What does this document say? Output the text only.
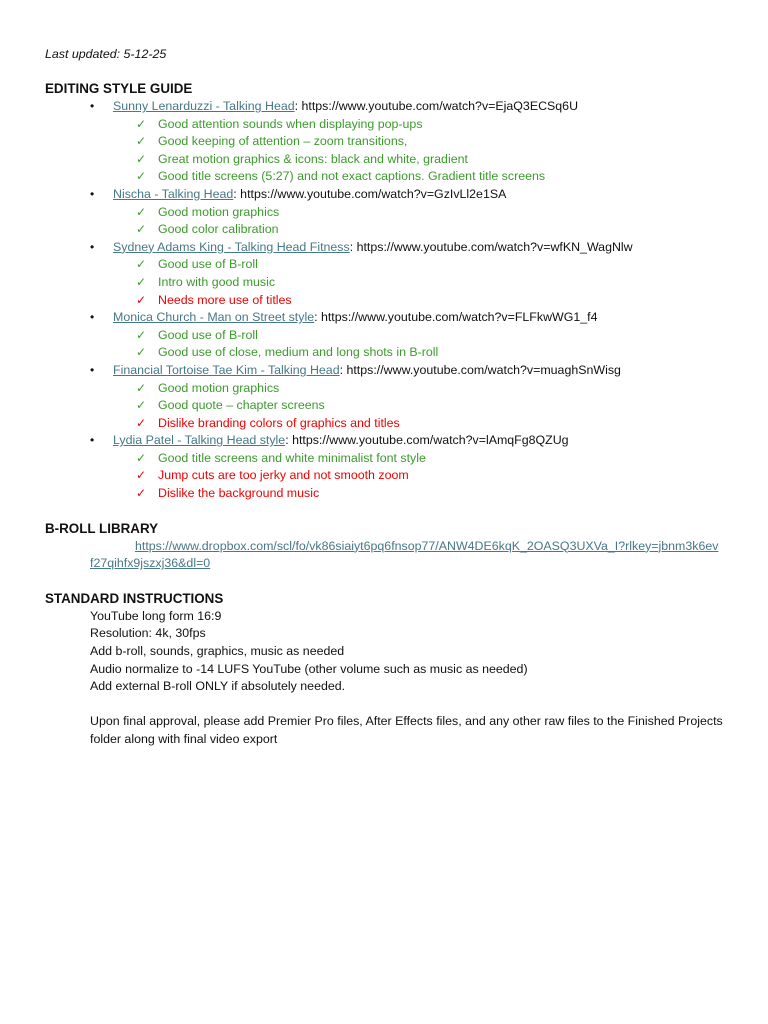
Last updated: 5-12-25
EDITING STYLE GUIDE
• Sunny Lenarduzzi - Talking Head: https://www.youtube.com/watch?v=EjaQ3ECSq6U
✓ Good attention sounds when displaying pop-ups
✓ Good keeping of attention – zoom transitions,
✓ Great motion graphics & icons: black and white, gradient
✓ Good title screens (5:27) and not exact captions. Gradient title screens
• Nischa - Talking Head: https://www.youtube.com/watch?v=GzIvLl2e1SA
✓ Good motion graphics
✓ Good color calibration
• Sydney Adams King - Talking Head Fitness: https://www.youtube.com/watch?v=wfKN_WagNlw
✓ Good use of B-roll
✓ Intro with good music
✓ Needs more use of titles
• Monica Church - Man on Street style: https://www.youtube.com/watch?v=FLFkwWG1_f4
✓ Good use of B-roll
✓ Good use of close, medium and long shots in B-roll
• Financial Tortoise Tae Kim - Talking Head: https://www.youtube.com/watch?v=muaghSnWisg
✓ Good motion graphics
✓ Good quote – chapter screens
✓ Dislike branding colors of graphics and titles
• Lydia Patel - Talking Head style: https://www.youtube.com/watch?v=lAmqFg8QZUg
✓ Good title screens and white minimalist font style
✓ Jump cuts are too jerky and not smooth zoom
✓ Dislike the background music
B-ROLL LIBRARY
https://www.dropbox.com/scl/fo/vk86siaiyt6pq6fnsop77/ANW4DE6kqK_2OASQ3UXVa_I?rlkey=jbnm3k6evf27qihfx9jszxj36&dl=0
STANDARD INSTRUCTIONS
YouTube long form 16:9
Resolution: 4k, 30fps
Add b-roll, sounds, graphics, music as needed
Audio normalize to -14 LUFS YouTube (other volume such as music as needed)
Add external B-roll ONLY if absolutely needed.
Upon final approval, please add Premier Pro files, After Effects files, and any other raw files to the Finished Projects folder along with final video export
